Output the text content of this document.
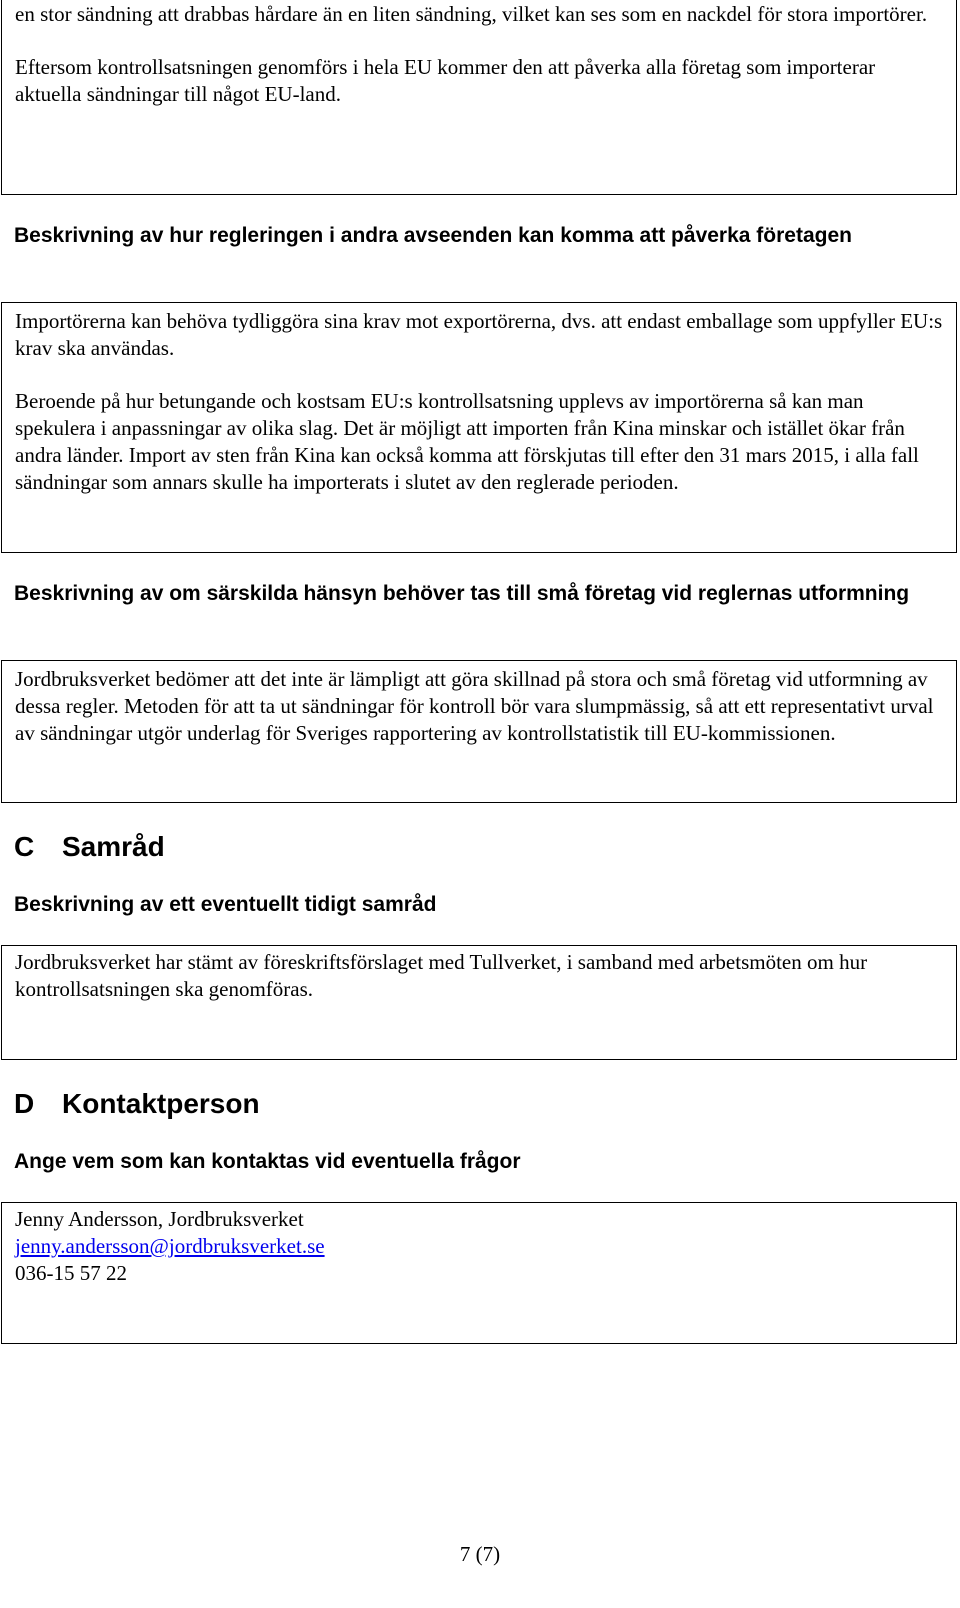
en stor sändning att drabbas hårdare än en liten sändning, vilket kan ses som en nackdel för stora importörer.

Eftersom kontrollsatsningen genomförs i hela EU kommer den att påverka alla företag som importerar aktuella sändningar till något EU-land.

Beskrivning av hur regleringen i andra avseenden kan komma att påverka företagen

Importörerna kan behöva tydliggöra sina krav mot exportörerna, dvs. att endast emballage som uppfyller EU:s krav ska användas.

Beroende på hur betungande och kostsam EU:s kontrollsatsning upplevs av importörerna så kan man spekulera i anpassningar av olika slag. Det är möjligt att importen från Kina minskar och istället ökar från andra länder. Import av sten från Kina kan också komma att förskjutas till efter den 31 mars 2015, i alla fall sändningar som annars skulle ha importerats i slutet av den reglerade perioden.

Beskrivning av om särskilda hänsyn behöver tas till små företag vid reglernas utformning

Jordbruksverket bedömer att det inte är lämpligt att göra skillnad på stora och små företag vid utformning av dessa regler. Metoden för att ta ut sändningar för kontroll bör vara slumpmässig, så att ett representativt urval av sändningar utgör underlag för Sveriges rapportering av kontrollstatistik till EU-kommissionen.

C Samråd
Beskrivning av ett eventuellt tidigt samråd

Jordbruksverket har stämt av föreskriftsförslaget med Tullverket, i samband med arbetsmöten om hur kontrollsatsningen ska genomföras.

D Kontaktperson
Ange vem som kan kontaktas vid eventuella frågor
Jenny Andersson, Jordbruksverket
jenny.andersson@jordbruksverket.se
036-15 57 22
7 (7)
